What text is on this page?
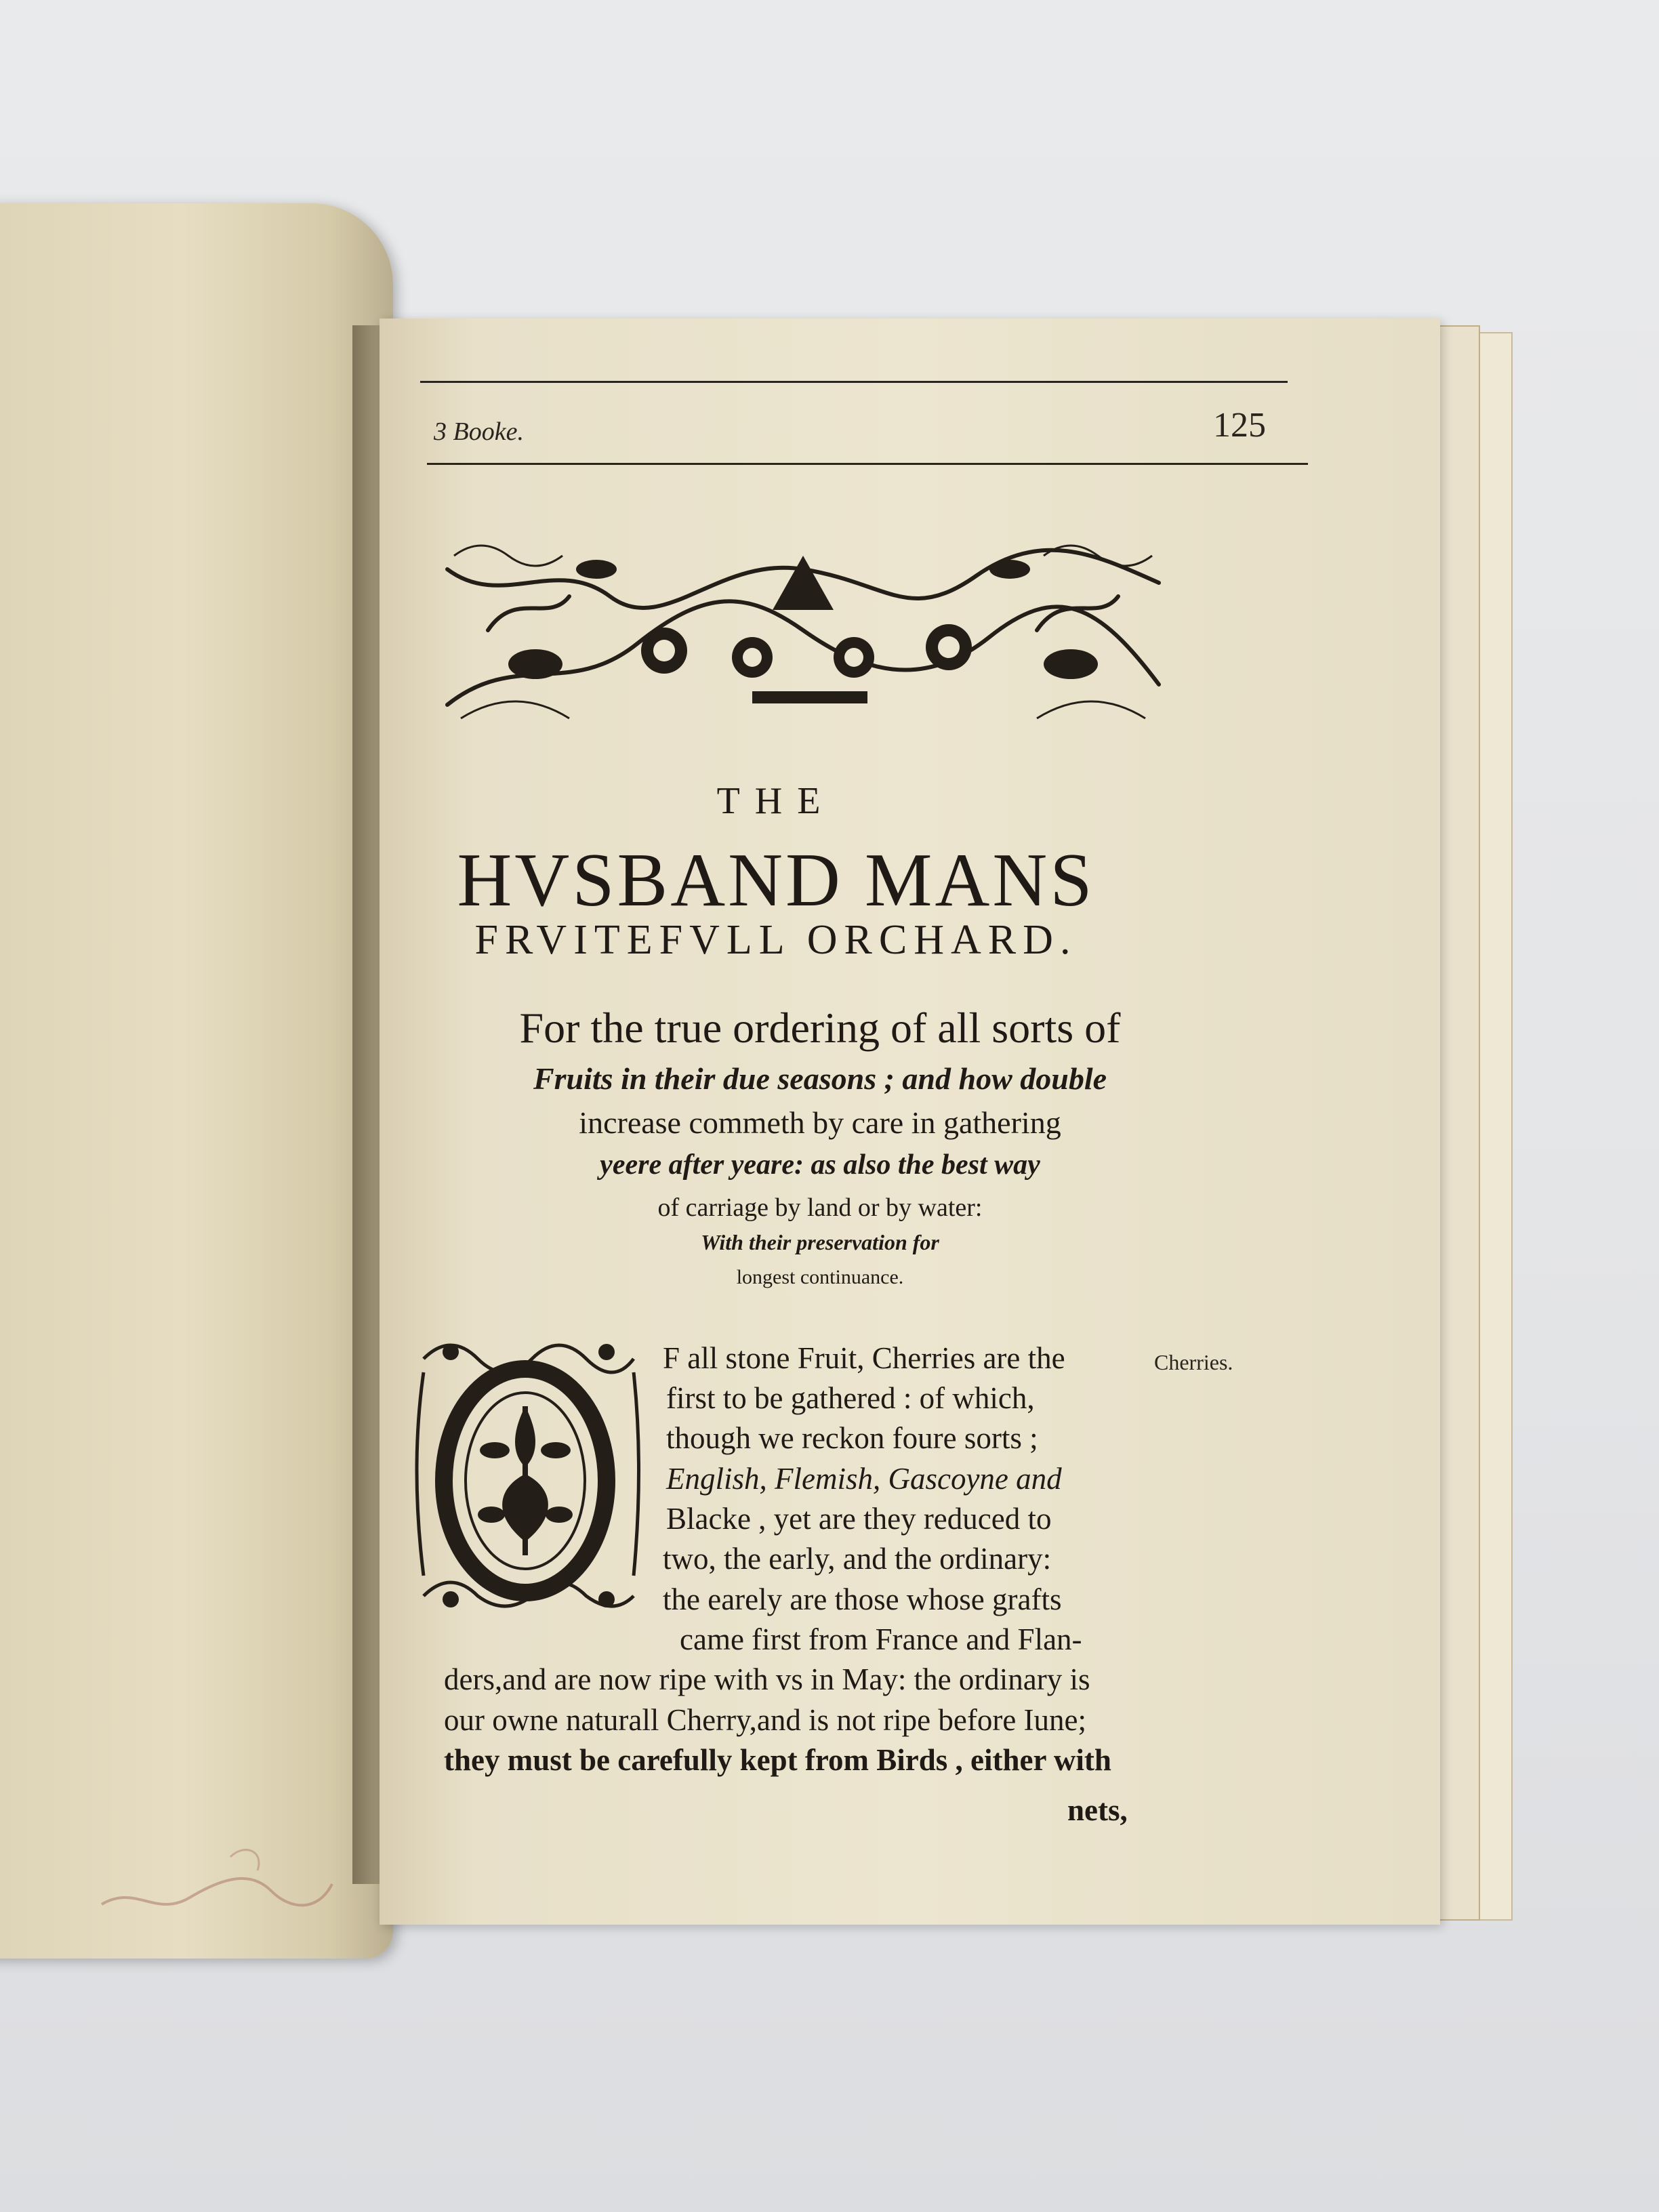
3 Booke.	125
THE
HVSBAND MANS
FRVITEFVLL ORCHARD.
For the true ordering of all sorts of
Fruits in their due seasons ; and how double
increase commeth by care in gathering
yeere after yeare: as also the best way
of carriage by land or by water:
With their preservation for
longest continuance.
Cherries.
F all stone Fruit, Cherries are the
first to be gathered : of which,
though we reckon foure sorts ;
English, Flemish, Gascoyne and
Blacke , yet are they reduced to
two, the early, and the ordinary:
the earely are those whose grafts
came first from France and Flan-
ders,and are now ripe with vs in May: the ordinary is
our owne naturall Cherry,and is not ripe before Iune;
they must be carefully kept from Birds , either with
nets,
